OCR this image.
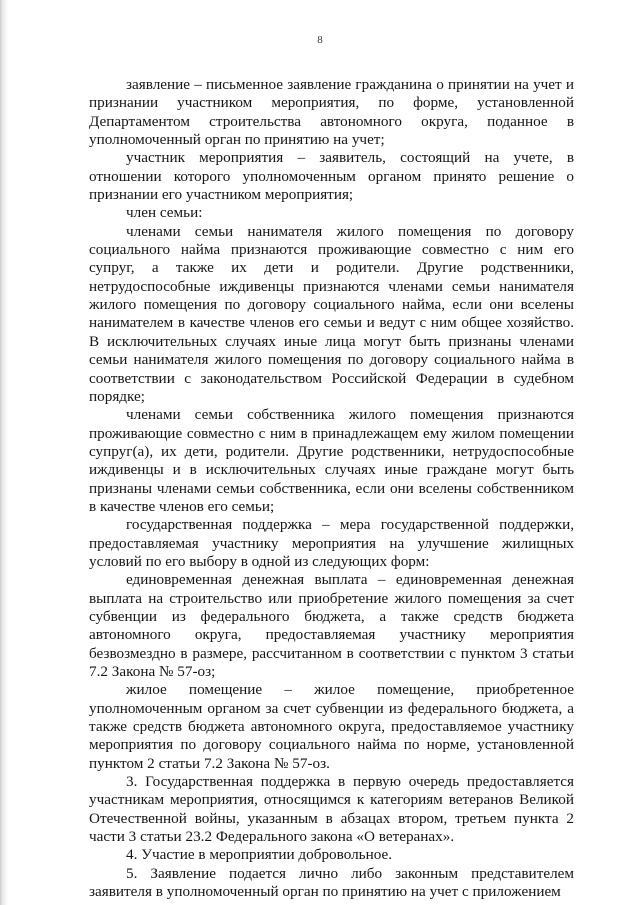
8

заявление – письменное заявление гражданина о принятии на учет и признании участником мероприятия, по форме, установленной Департаментом строительства автономного округа, поданное в уполномоченный орган по принятию на учет;

участник мероприятия – заявитель, состоящий на учете, в отношении которого уполномоченным органом принято решение о признании его участником мероприятия;

член семьи:

членами семьи нанимателя жилого помещения по договору социального найма признаются проживающие совместно с ним его супруг, а также их дети и родители. Другие родственники, нетрудоспособные иждивенцы признаются членами семьи нанимателя жилого помещения по договору социального найма, если они вселены нанимателем в качестве членов его семьи и ведут с ним общее хозяйство. В исключительных случаях иные лица могут быть признаны членами семьи нанимателя жилого помещения по договору социального найма в соответствии с законодательством Российской Федерации в судебном порядке;

членами семьи собственника жилого помещения признаются проживающие совместно с ним в принадлежащем ему жилом помещении супруг(а), их дети, родители. Другие родственники, нетрудоспособные иждивенцы и в исключительных случаях иные граждане могут быть признаны членами семьи собственника, если они вселены собственником в качестве членов его семьи;

государственная поддержка – мера государственной поддержки, предоставляемая участнику мероприятия на улучшение жилищных условий по его выбору в одной из следующих форм:

единовременная денежная выплата – единовременная денежная выплата на строительство или приобретение жилого помещения за счет субвенции из федерального бюджета, а также средств бюджета автономного округа, предоставляемая участнику мероприятия безвозмездно в размере, рассчитанном в соответствии с пунктом 3 статьи 7.2 Закона № 57-оз;

жилое помещение – жилое помещение, приобретенное уполномоченным органом за счет субвенции из федерального бюджета, а также средств бюджета автономного округа, предоставляемое участнику мероприятия по договору социального найма по норме, установленной пунктом 2 статьи 7.2 Закона № 57-оз.

3. Государственная поддержка в первую очередь предоставляется участникам мероприятия, относящимся к категориям ветеранов Великой Отечественной войны, указанным в абзацах втором, третьем пункта 2 части 3 статьи 23.2 Федерального закона «О ветеранах».

4. Участие в мероприятии добровольное.

5. Заявление подается лично либо законным представителем заявителя в уполномоченный орган по принятию на учет с приложением
